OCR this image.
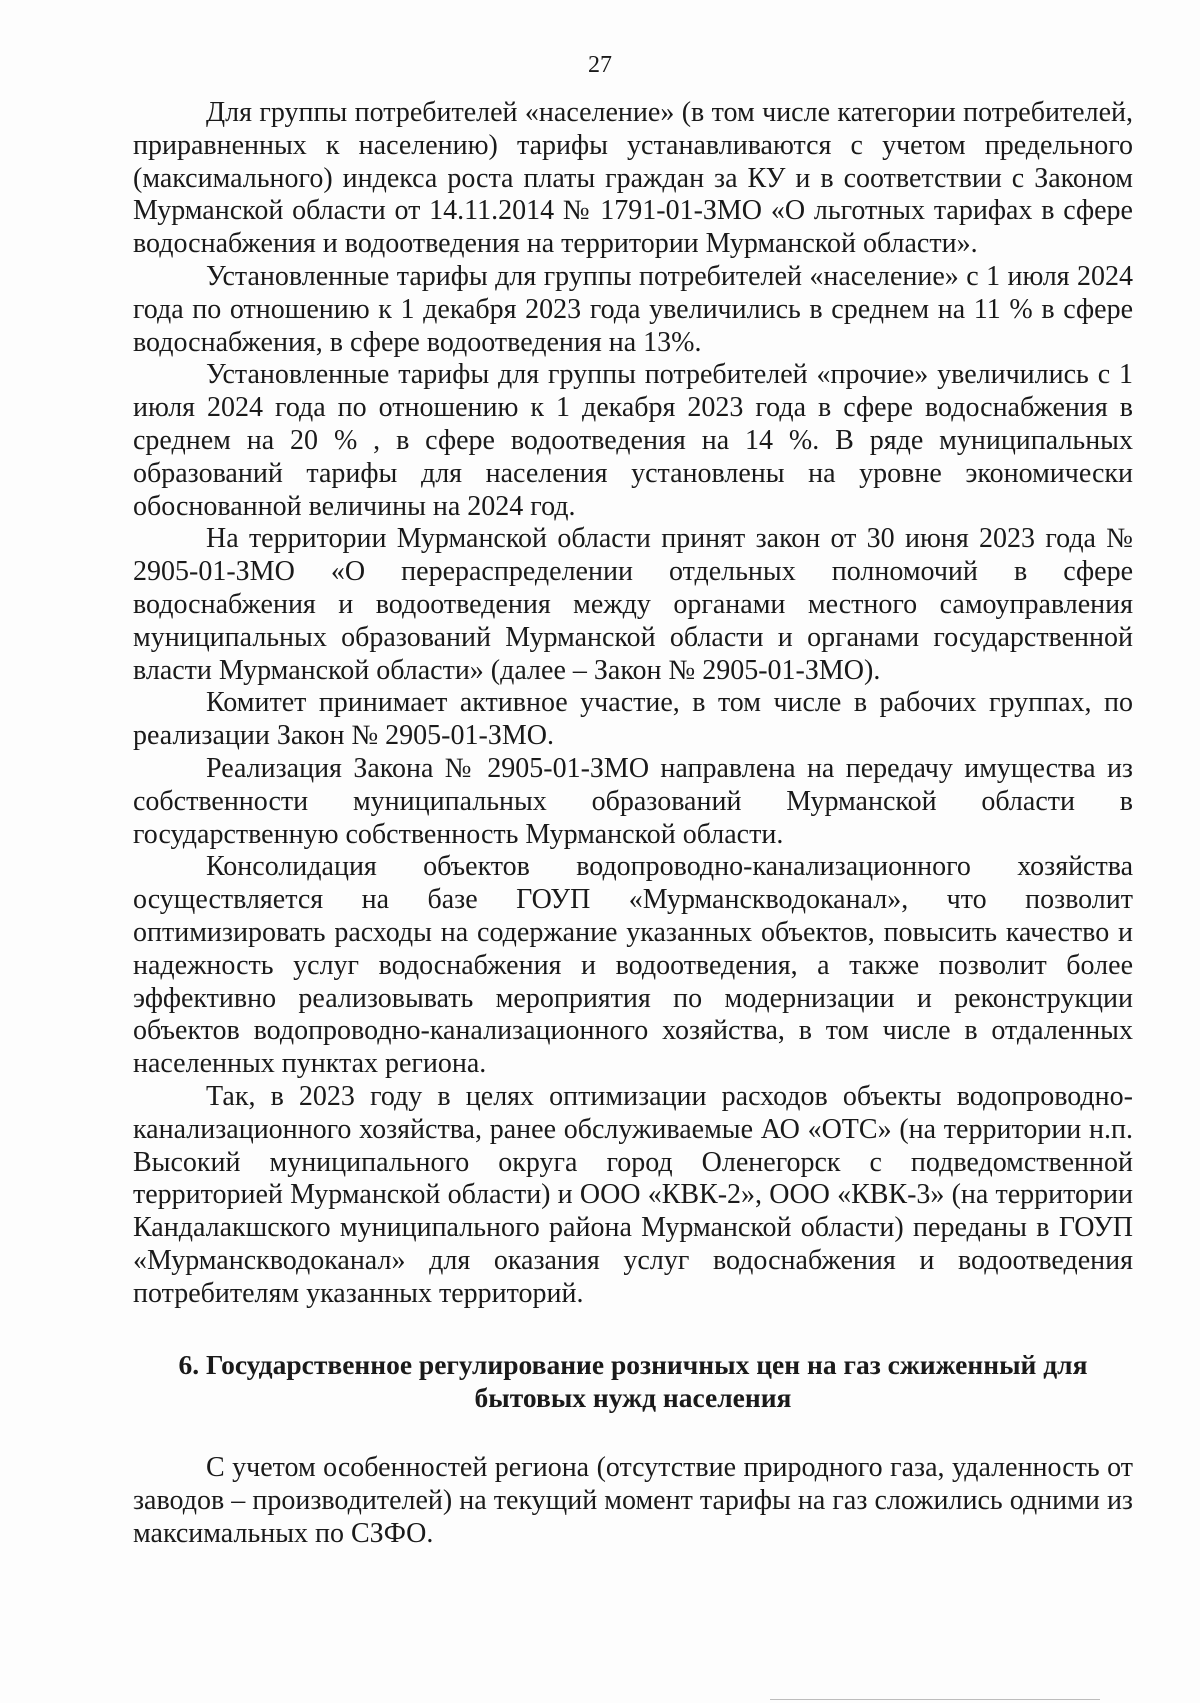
27

Для группы потребителей «население» (в том числе категории потребителей, приравненных к населению) тарифы устанавливаются с учетом предельного (максимального) индекса роста платы граждан за КУ и в соответствии с Законом Мурманской области от 14.11.2014 № 1791-01-ЗМО «О льготных тарифах в сфере водоснабжения и водоотведения на территории Мурманской области».

Установленные тарифы для группы потребителей «население» с 1 июля 2024 года по отношению к 1 декабря 2023 года увеличились в среднем на 11 % в сфере водоснабжения, в сфере водоотведения на 13%.

Установленные тарифы для группы потребителей «прочие» увеличились с 1 июля 2024 года по отношению к 1 декабря 2023 года в сфере водоснабжения в среднем на 20 % , в сфере водоотведения на 14 %. В ряде муниципальных образований тарифы для населения установлены на уровне экономически обоснованной величины на 2024 год.

На территории Мурманской области принят закон от 30 июня 2023 года № 2905-01-ЗМО «О перераспределении отдельных полномочий в сфере водоснабжения и водоотведения между органами местного самоуправления муниципальных образований Мурманской области и органами государственной власти Мурманской области» (далее – Закон № 2905-01-ЗМО).

Комитет принимает активное участие, в том числе в рабочих группах, по реализации Закон № 2905-01-ЗМО.

Реализация Закона № 2905-01-ЗМО направлена на передачу имущества из собственности муниципальных образований Мурманской области в государственную собственность Мурманской области.

Консолидация объектов водопроводно-канализационного хозяйства осуществляется на базе ГОУП «Мурманскводоканал», что позволит оптимизировать расходы на содержание указанных объектов, повысить качество и надежность услуг водоснабжения и водоотведения, а также позволит более эффективно реализовывать мероприятия по модернизации и реконструкции объектов водопроводно-канализационного хозяйства, в том числе в отдаленных населенных пунктах региона.

Так, в 2023 году в целях оптимизации расходов объекты водопроводно-канализационного хозяйства, ранее обслуживаемые АО «ОТС» (на территории н.п. Высокий муниципального округа город Оленегорск с подведомственной территорией Мурманской области) и ООО «КВК-2», ООО «КВК-3» (на территории Кандалакшского муниципального района Мурманской области) переданы в ГОУП «Мурманскводоканал» для оказания услуг водоснабжения и водоотведения потребителям указанных территорий.

6. Государственное регулирование розничных цен на газ сжиженный для бытовых нужд населения

С учетом особенностей региона (отсутствие природного газа, удаленность от заводов – производителей) на текущий момент тарифы на газ сложились одними из максимальных по СЗФО.
